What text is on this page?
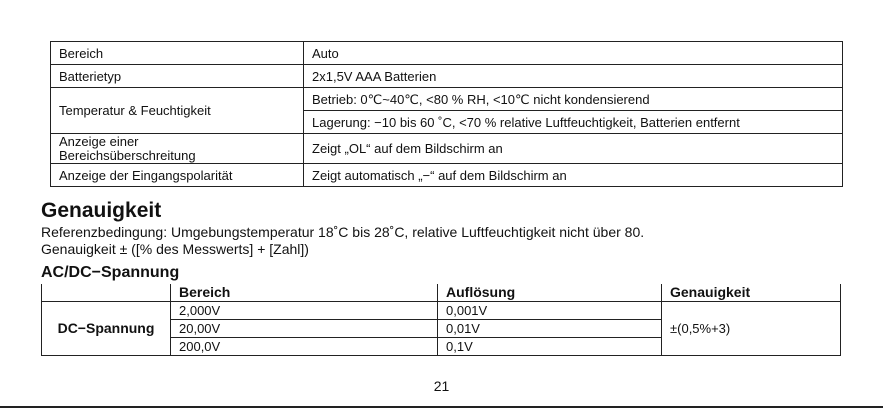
Bereich	Auto
Batterietyp	2x1,5V AAA Batterien
Temperatur & Feuchtigkeit	Betrieb: 0℃~40℃, <80 % RH, <10℃ nicht kondensierend
	Lagerung: −10 bis 60 ˚C, <70 % relative Luftfeuchtigkeit, Batterien entfernt
Anzeige einer
Bereichsüberschreitung	Zeigt „OL“ auf dem Bildschirm an
Anzeige der Eingangspolarität	Zeigt automatisch „−“ auf dem Bildschirm an
Genauigkeit

Referenzbedingung: Umgebungstemperatur 18˚C bis 28˚C, relative Luftfeuchtigkeit nicht über 80.

Genauigkeit ± ([% des Messwerts] + [Zahl])

AC/DC−Spannung
	Bereich	Auflösung	Genauigkeit
DC−Spannung	2,000V	0,001V	±(0,5%+3)
	20,00V	0,01V	
	200,0V	0,1V	
21
